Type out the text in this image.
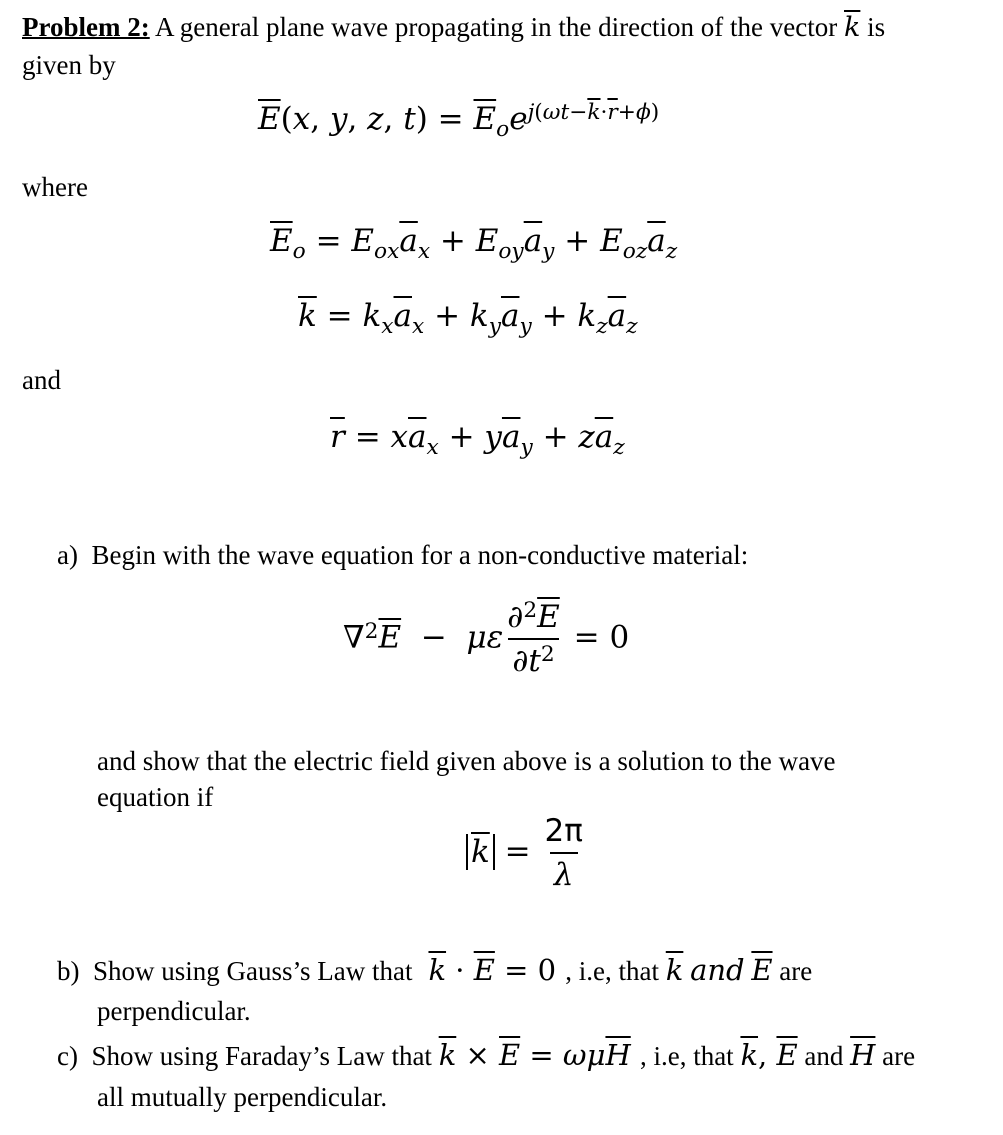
Problem 2: A general plane wave propagating in the direction of the vector $\overline{k}$ is
given by
$\overline{E}(x$, y, z, $t) = \overline{E}_oe^{j(\omega t-\overline{k}\cdot\overline{r}+\phi)}$
where
$\overline{E}_o = E_{ox}\overline{a}_x + E_{oy}\overline{a}_y + E_{oz}\overline{a}_z$
$\overline{k} = k_x\overline{a}_x + k_y\overline{a}_y + k_z\overline{a}_z$
and
$\overline{r} = x\overline{a}_x + y\overline{a}_y + z\overline{a}_z$
a) Begin with the wave equation for a non-conductive material:
$\nabla^2\overline{E} - \mu\varepsilon \frac{\partial^2\overline{E}}{\partial t^2} = 0$
and show that the electric field given above is a solution to the wave
equation if
$\overline{k} = \frac{2\pi}{\lambda}$
b) Show using Gauss’s Law that $\overline{k} \cdot \overline{E} = 0$ , i.e, that $\overline{k}$ and $\overline{E}$ are
perpendicular.
c) Show using Faraday’s Law that $\overline{k} \times \overline{E} = \omega\mu\overline{H}$ , i.e, that $\overline{k}$, $\overline{E}$ and $\overline{H}$ are
all mutually perpendicular.
